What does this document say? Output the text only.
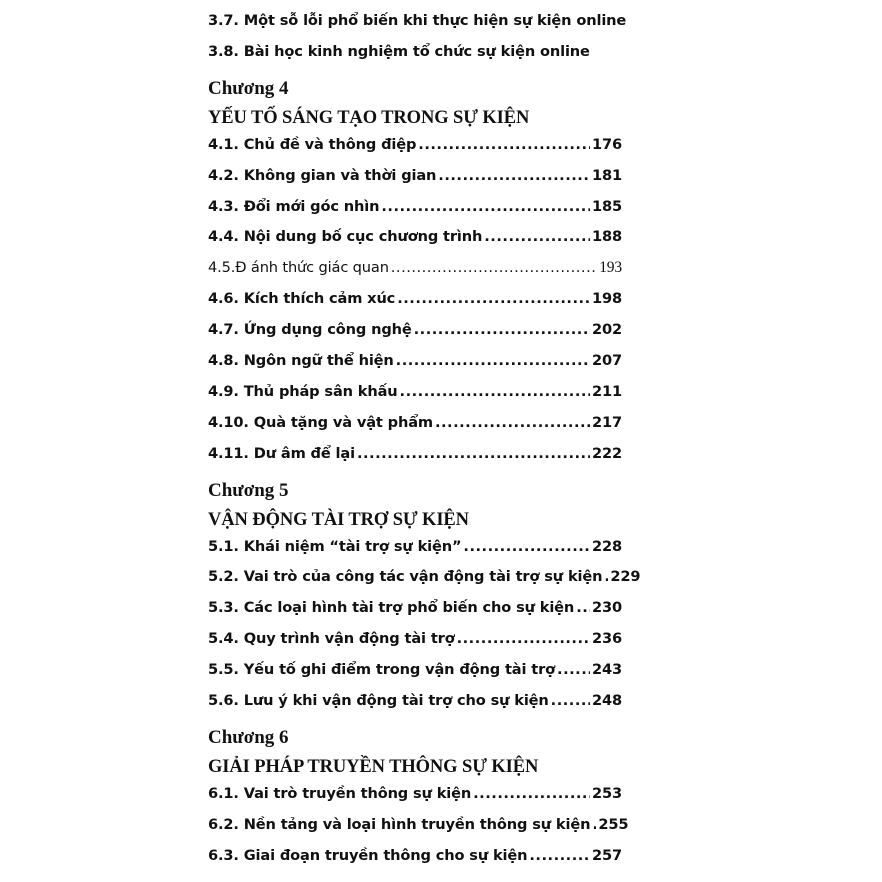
3.7. Một sỗ lỗi phổ biến khi thực hiện sự kiện online
3.8. Bài học kinh nghiệm tổ chức sự kiện online
Chương 4
YẾU TỐ SÁNG TẠO TRONG SỰ KIỆN
4.1. Chủ đề và thông điệp .....	176
4.2. Không gian và thời gian .....	181
4.3. Đổi mới góc nhìn .....	185
4.4. Nội dung bố cục chương trình .....	188
4.5.Đ ánh thức giác quan .....	193
4.6. Kích thích cảm xúc .....	198
4.7. Ứng dụng công nghệ .....	202
4.8. Ngôn ngữ thể hiện .....	207
4.9. Thủ pháp sân khấu .....	211
4.10. Quà tặng và vật phẩm .....	217
4.11. Dư âm để lại .....	222
Chương 5
VẬN ĐỘNG TÀI TRỢ SỰ KIỆN
5.1. Khái niệm “tài trợ sự kiện” .....	228
5.2. Vai trò của công tác vận động tài trợ sự kiện ..... 229
5.3. Các loại hình tài trợ phổ biến cho sự kiện ..... 230
5.4. Quy trình vận động tài trợ .....	236
5.5. Yếu tố ghi điểm trong vận động tài trợ .....	243
5.6. Lưu ý khi vận động tài trợ cho sự kiện .....	248
Chương 6
GIẢI PHÁP TRUYỀN THÔNG SỰ KIỆN
6.1. Vai trò truyền thông sự kiện .....	253
6.2. Nền tảng và loại hình truyền thông sự kiện ..... 255
6.3. Giai đoạn truyền thông cho sự kiện .....	257
